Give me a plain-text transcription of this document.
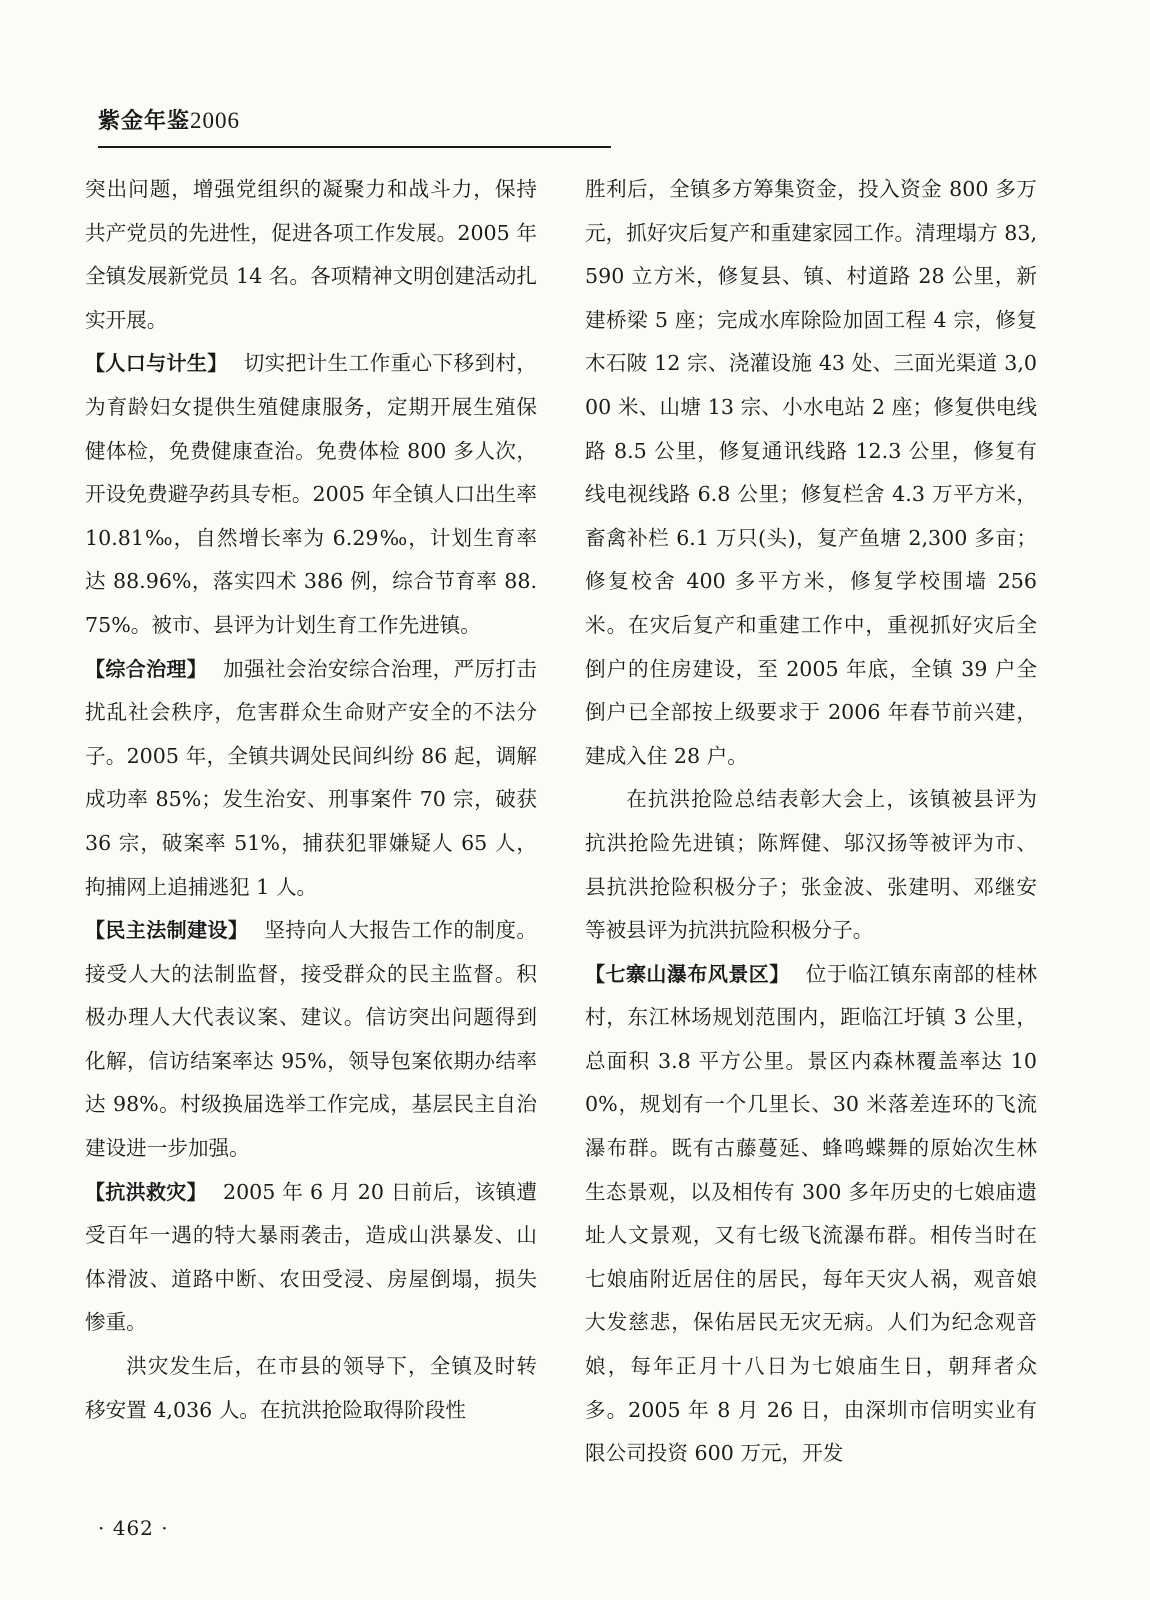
紫金年鉴2006

突出问题，增强党组织的凝聚力和战斗力，保持共产党员的先进性，促进各项工作发展。2005 年全镇发展新党员 14 名。各项精神文明创建活动扎实开展。

【人口与计生】 切实把计生工作重心下移到村，为育龄妇女提供生殖健康服务，定期开展生殖保健体检，免费健康查治。免费体检 800 多人次，开设免费避孕药具专柜。2005 年全镇人口出生率 10.81‰，自然增长率为 6.29‰，计划生育率达 88.96%，落实四术 386 例，综合节育率 88.75%。被市、县评为计划生育工作先进镇。

【综合治理】 加强社会治安综合治理，严厉打击扰乱社会秩序，危害群众生命财产安全的不法分子。2005 年，全镇共调处民间纠纷 86 起，调解成功率 85%；发生治安、刑事案件 70 宗，破获 36 宗，破案率 51%，捕获犯罪嫌疑人 65 人，拘捕网上追捕逃犯 1 人。

【民主法制建设】 坚持向人大报告工作的制度。接受人大的法制监督，接受群众的民主监督。积极办理人大代表议案、建议。信访突出问题得到化解，信访结案率达 95%，领导包案依期办结率达 98%。村级换届选举工作完成，基层民主自治建设进一步加强。

【抗洪救灾】 2005 年 6 月 20 日前后，该镇遭受百年一遇的特大暴雨袭击，造成山洪暴发、山体滑波、道路中断、农田受浸、房屋倒塌，损失惨重。

洪灾发生后，在市县的领导下，全镇及时转移安置 4,036 人。在抗洪抢险取得阶段性

胜利后，全镇多方筹集资金，投入资金 800 多万元，抓好灾后复产和重建家园工作。清理塌方 83,590 立方米，修复县、镇、村道路 28 公里，新建桥梁 5 座；完成水库除险加固工程 4 宗，修复木石陂 12 宗、浇灌设施 43 处、三面光渠道 3,000 米、山塘 13 宗、小水电站 2 座；修复供电线路 8.5 公里，修复通讯线路 12.3 公里，修复有线电视线路 6.8 公里；修复栏舍 4.3 万平方米，畜禽补栏 6.1 万只(头)，复产鱼塘 2,300 多亩；修复校舍 400 多平方米，修复学校围墙 256 米。在灾后复产和重建工作中，重视抓好灾后全倒户的住房建设，至 2005 年底，全镇 39 户全倒户已全部按上级要求于 2006 年春节前兴建，建成入住 28 户。

在抗洪抢险总结表彰大会上，该镇被县评为抗洪抢险先进镇；陈辉健、邬汉扬等被评为市、县抗洪抢险积极分子；张金波、张建明、邓继安等被县评为抗洪抗险积极分子。

【七寨山瀑布风景区】 位于临江镇东南部的桂林村，东江林场规划范围内，距临江圩镇 3 公里，总面积 3.8 平方公里。景区内森林覆盖率达 100%，规划有一个几里长、30 米落差连环的飞流瀑布群。既有古藤蔓延、蜂鸣蝶舞的原始次生林生态景观，以及相传有 300 多年历史的七娘庙遗址人文景观，又有七级飞流瀑布群。相传当时在七娘庙附近居住的居民，每年天灾人祸，观音娘大发慈悲，保佑居民无灾无病。人们为纪念观音娘，每年正月十八日为七娘庙生日，朝拜者众多。2005 年 8 月 26 日，由深圳市信明实业有限公司投资 600 万元，开发

· 462 ·
